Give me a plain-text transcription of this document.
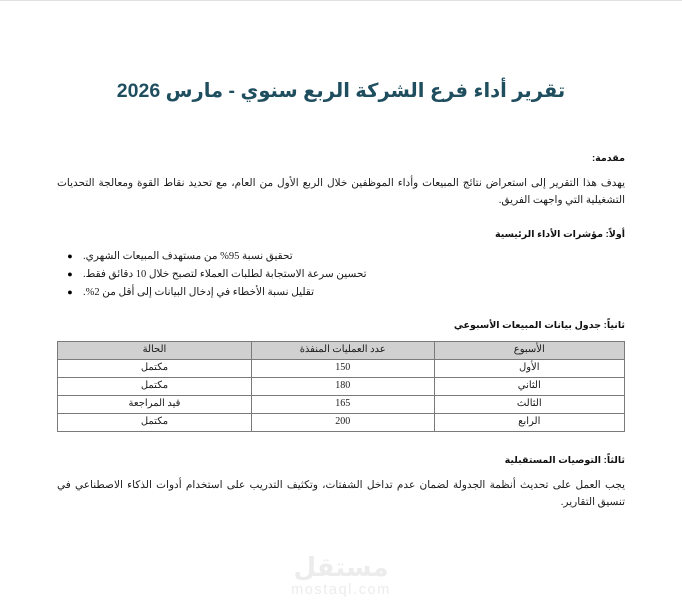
تقرير أداء فرع الشركة الربع سنوي - مارس 2026
مقدمة:
يهدف هذا التقرير إلى استعراض نتائج المبيعات وأداء الموظفين خلال الربع الأول من العام، مع تحديد نقاط القوة ومعالجة التحديات التشغيلية التي واجهت الفريق.
أولاً: مؤشرات الأداء الرئيسية
تحقيق نسبة 95% من مستهدف المبيعات الشهري.
●
تحسين سرعة الاستجابة لطلبات العملاء لتصبح خلال 10 دقائق فقط.
●
تقليل نسبة الأخطاء في إدخال البيانات إلى أقل من 2%.
●
ثانياً: جدول بيانات المبيعات الأسبوعي
الأسبوع	عدد العمليات المنفذة	الحالة
الأول	150	مكتمل
الثاني	180	مكتمل
الثالث	165	قيد المراجعة
الرابع	200	مكتمل
ثالثاً: التوصيات المستقبلية
يجب العمل على تحديث أنظمة الجدولة لضمان عدم تداخل الشفتات، وتكثيف التدريب على استخدام أدوات الذكاء الاصطناعي في تنسيق التقارير.
مستقل
mostaql.com
